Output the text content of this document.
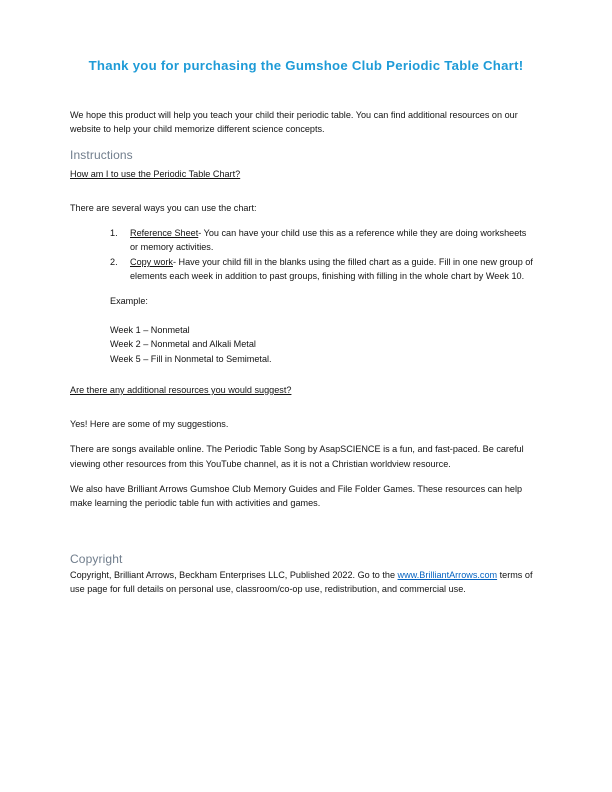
Thank you for purchasing the Gumshoe Club Periodic Table Chart!

We hope this product will help you teach your child their periodic table. You can find additional resources on our website to help your child memorize different science concepts.

Instructions
How am I to use the Periodic Table Chart?

There are several ways you can use the chart:

Reference Sheet- You can have your child use this as a reference while they are doing worksheets or memory activities.
Copy work- Have your child fill in the blanks using the filled chart as a guide. Fill in one new group of elements each week in addition to past groups, finishing with filling in the whole chart by Week 10.
Example:
Week 1 – Nonmetal
Week 2 – Nonmetal and Alkali Metal
Week 5 – Fill in Nonmetal to Semimetal.
Are there any additional resources you would suggest?

Yes! Here are some of my suggestions.

There are songs available online. The Periodic Table Song by AsapSCIENCE is a fun, and fast-paced. Be careful viewing other resources from this YouTube channel, as it is not a Christian worldview resource.

We also have Brilliant Arrows Gumshoe Club Memory Guides and File Folder Games. These resources can help make learning the periodic table fun with activities and games.

Copyright

Copyright, Brilliant Arrows, Beckham Enterprises LLC, Published 2022. Go to the www.BrilliantArrows.com terms of use page for full details on personal use, classroom/co-op use, redistribution, and commercial use.
